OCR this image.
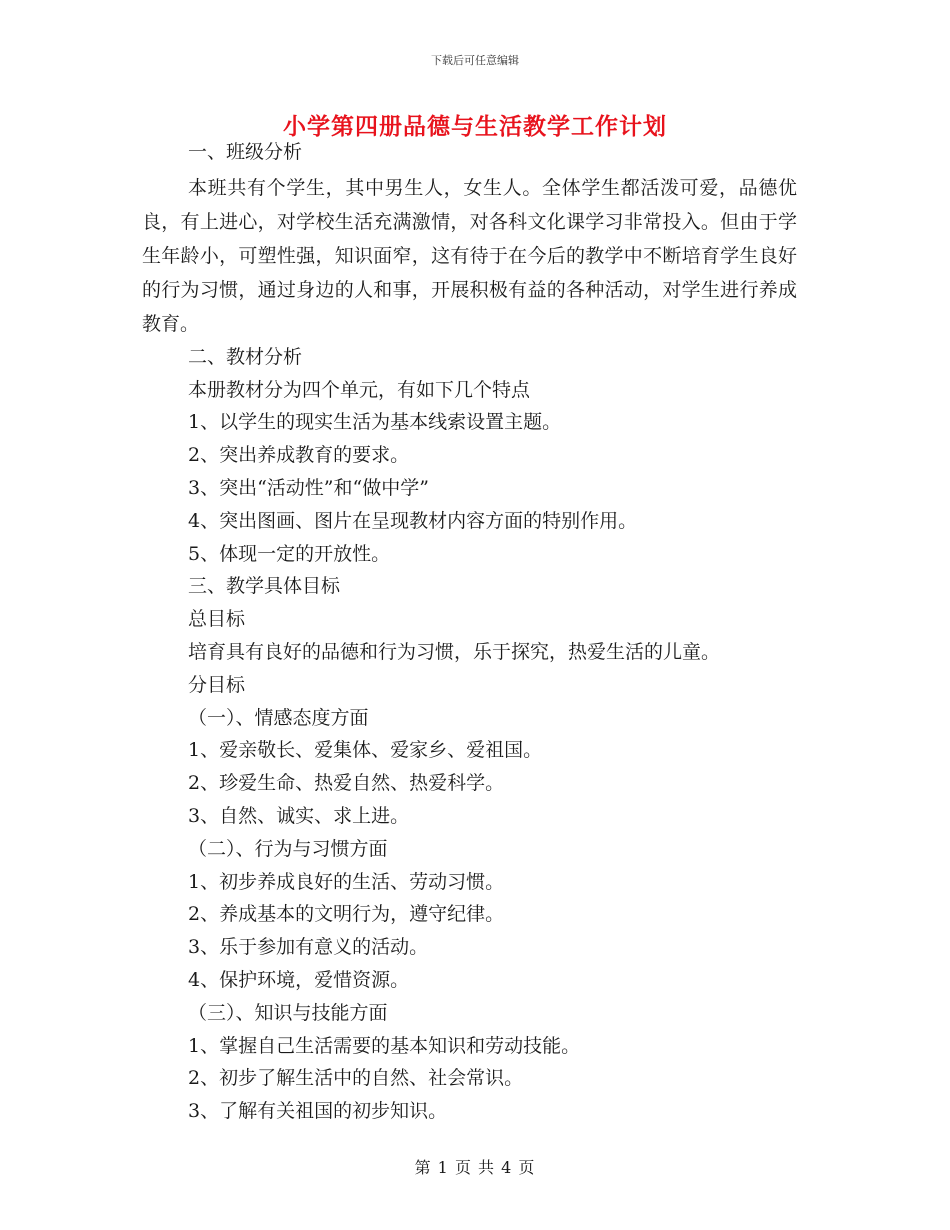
下载后可任意编辑
小学第四册品德与生活教学工作计划
一、班级分析
本班共有个学生，其中男生人，女生人。全体学生都活泼可爱，品德优良，有上进心，对学校生活充满激情，对各科文化课学习非常投入。但由于学生年龄小，可塑性强，知识面窄，这有待于在今后的教学中不断培育学生良好的行为习惯，通过身边的人和事，开展积极有益的各种活动，对学生进行养成教育。
二、教材分析
本册教材分为四个单元，有如下几个特点
1、以学生的现实生活为基本线索设置主题。
2、突出养成教育的要求。
3、突出“活动性”和“做中学”
4、突出图画、图片在呈现教材内容方面的特别作用。
5、体现一定的开放性。
三、教学具体目标
总目标
培育具有良好的品德和行为习惯，乐于探究，热爱生活的儿童。
分目标
（一）、情感态度方面
1、爱亲敬长、爱集体、爱家乡、爱祖国。
2、珍爱生命、热爱自然、热爱科学。
3、自然、诚实、求上进。
（二）、行为与习惯方面
1、初步养成良好的生活、劳动习惯。
2、养成基本的文明行为，遵守纪律。
3、乐于参加有意义的活动。
4、保护环境，爱惜资源。
（三）、知识与技能方面
1、掌握自己生活需要的基本知识和劳动技能。
2、初步了解生活中的自然、社会常识。
3、了解有关祖国的初步知识。
第 1 页 共 4 页
